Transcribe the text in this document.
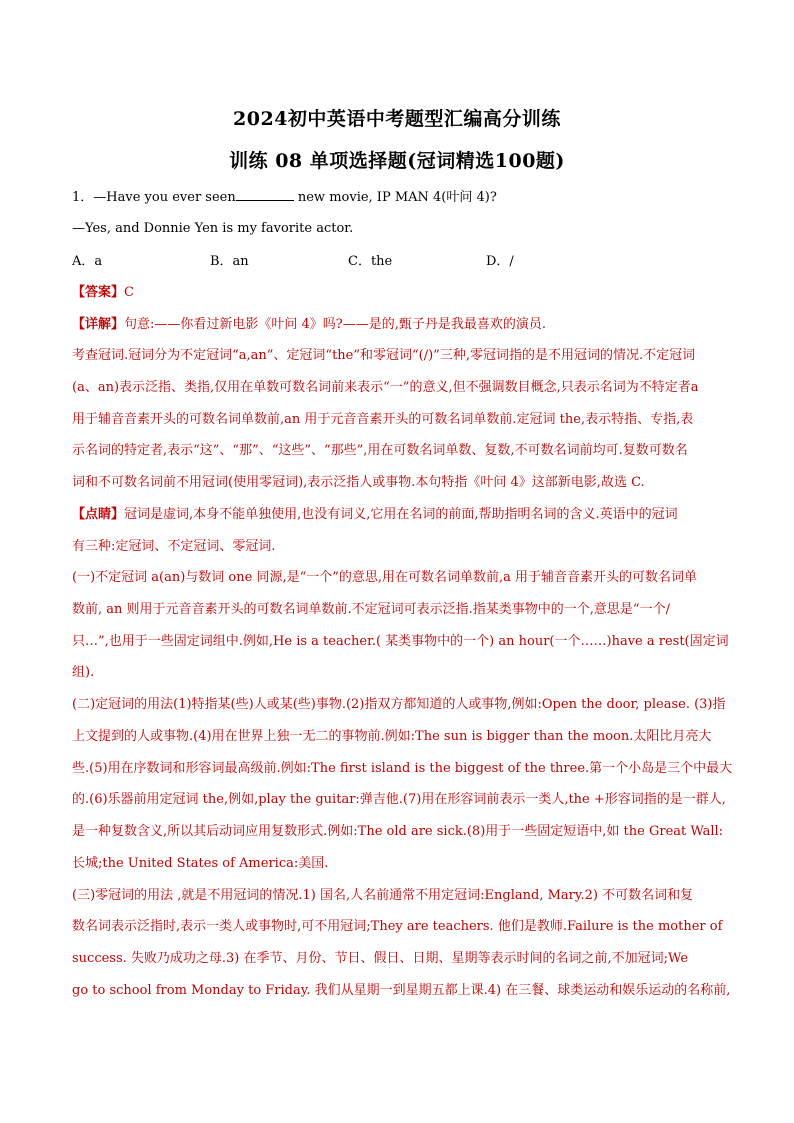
2024初中英语中考题型汇编高分训练
训练 08 单项选择题(冠词精选100题)
1．—Have you ever seen	new movie, IP MAN 4(叶问 4)?
—Yes, and Donnie Yen is my favorite actor.
A．a	B．an	C．the	D．/
【答案】C
【详解】句意:——你看过新电影《叶问 4》吗?——是的,甄子丹是我最喜欢的演员.
考查冠词.冠词分为不定冠词“a,an”、定冠词“the”和零冠词“(/)”三种,零冠词指的是不用冠词的情况.不定冠词
(a、an)表示泛指、类指,仅用在单数可数名词前来表示“一”的意义,但不强调数目概念,只表示名词为不特定者a
用于辅音音素开头的可数名词单数前,an 用于元音音素开头的可数名词单数前.定冠词 the,表示特指、专指,表
示名词的特定者,表示“这”、“那”、“这些”、“那些”,用在可数名词单数、复数,不可数名词前均可.复数可数名
词和不可数名词前不用冠词(使用零冠词),表示泛指人或事物.本句特指《叶问 4》这部新电影,故选 C.
【点睛】冠词是虚词,本身不能单独使用,也没有词义,它用在名词的前面,帮助指明名词的含义.英语中的冠词
有三种:定冠词、不定冠词、零冠词.
(一)不定冠词 a(an)与数词 one 同源,是“一个”的意思,用在可数名词单数前,a 用于辅音音素开头的可数名词单
数前, an 则用于元音音素开头的可数名词单数前.不定冠词可表示泛指.指某类事物中的一个,意思是“一个/
只…”,也用于一些固定词组中.例如,He is a teacher.( 某类事物中的一个) an hour(一个……)have a rest(固定词
组).
(二)定冠词的用法(1)特指某(些)人或某(些)事物.(2)指双方都知道的人或事物,例如:Open the door, please. (3)指
上文提到的人或事物.(4)用在世界上独一无二的事物前.例如:The sun is bigger than the moon.太阳比月亮大
些.(5)用在序数词和形容词最高级前.例如:The first island is the biggest of the three.第一个小岛是三个中最大
的.(6)乐器前用定冠词 the,例如,play the guitar:弹吉他.(7)用在形容词前表示一类人,the +形容词指的是一群人,
是一种复数含义,所以其后动词应用复数形式.例如:The old are sick.(8)用于一些固定短语中,如 the Great Wall:
长城;the United States of America:美国.
(三)零冠词的用法 ,就是不用冠词的情况.1) 国名,人名前通常不用定冠词:England, Mary.2) 不可数名词和复
数名词表示泛指时,表示一类人或事物时,可不用冠词;They are teachers. 他们是教师.Failure is the mother of
success. 失败乃成功之母.3) 在季节、月份、节日、假日、日期、星期等表示时间的名词之前,不加冠词;We
go to school from Monday to Friday. 我们从星期一到星期五都上课.4) 在三餐、球类运动和娱乐运动的名称前,
